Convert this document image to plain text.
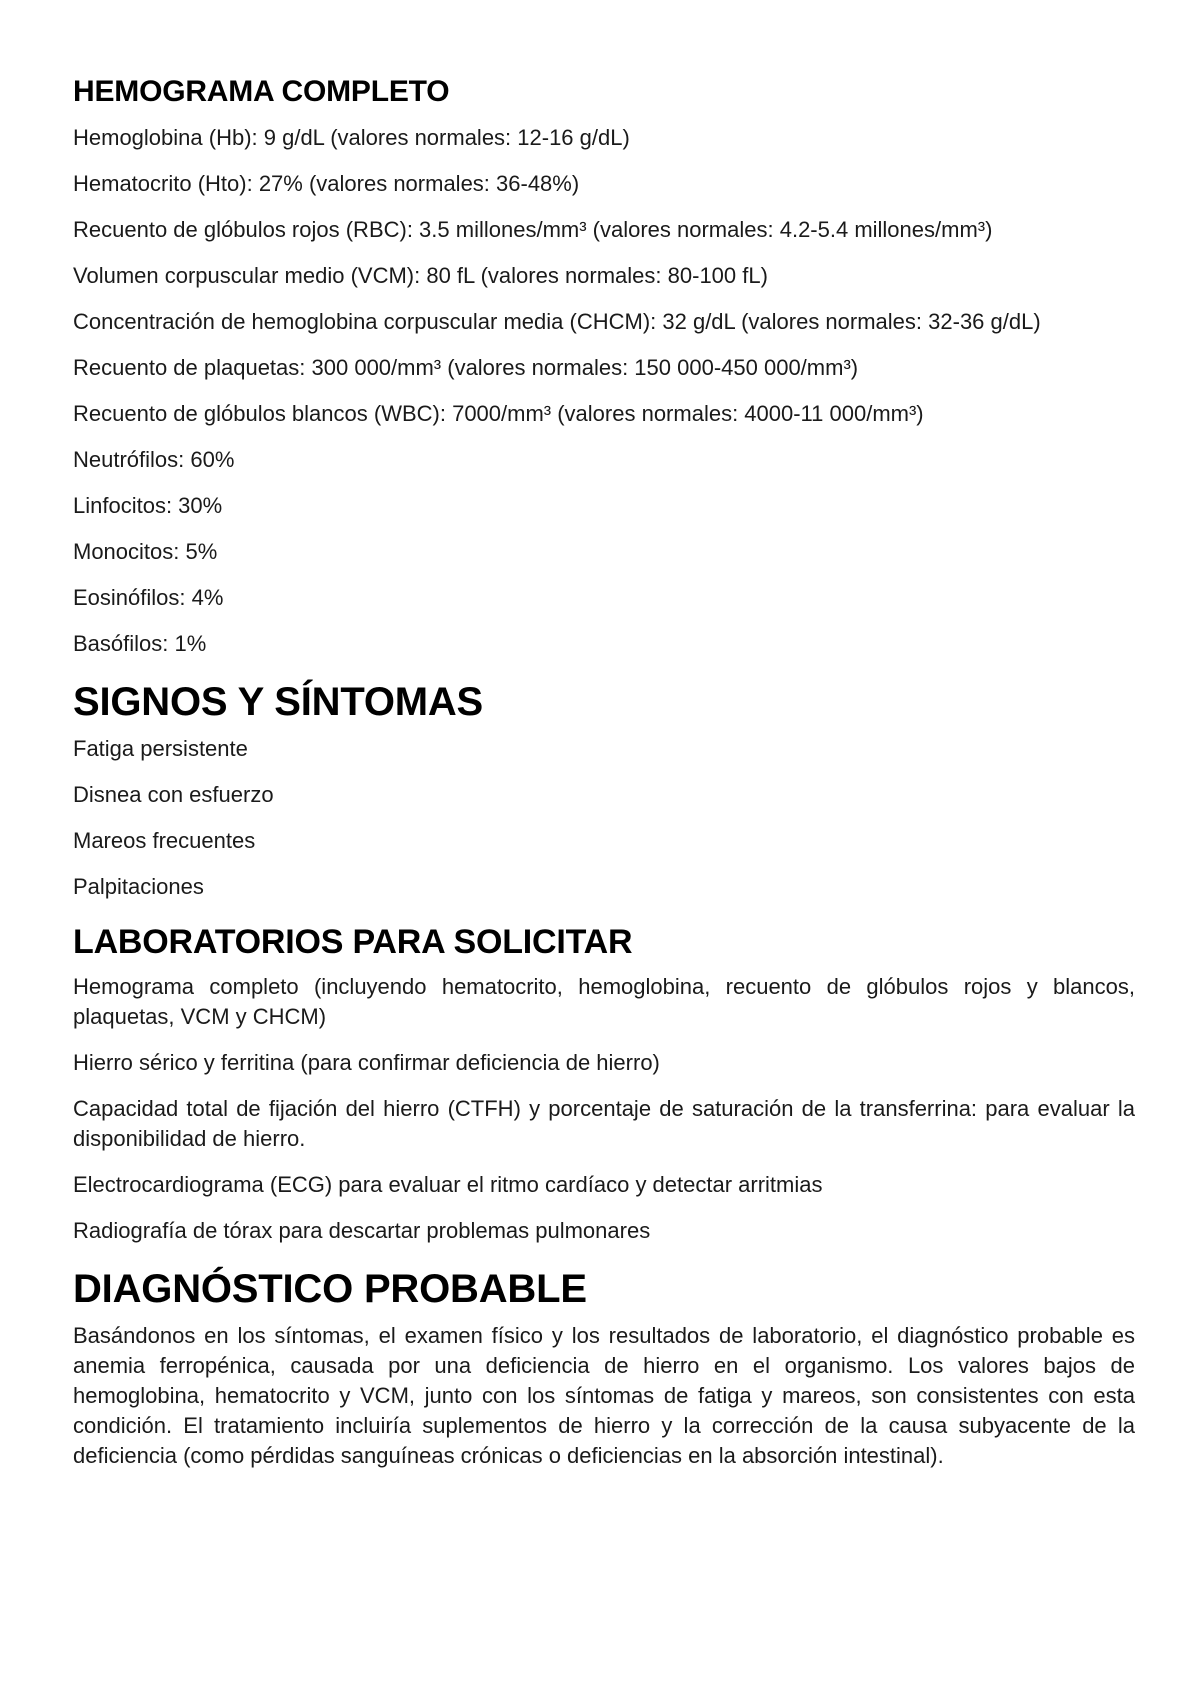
HEMOGRAMA COMPLETO

Hemoglobina (Hb): 9 g/dL (valores normales: 12-16 g/dL)

Hematocrito (Hto): 27% (valores normales: 36-48%)

Recuento de glóbulos rojos (RBC): 3.5 millones/mm³ (valores normales: 4.2-5.4 millones/mm³)

Volumen corpuscular medio (VCM): 80 fL (valores normales: 80-100 fL)

Concentración de hemoglobina corpuscular media (CHCM): 32 g/dL (valores normales: 32-36 g/dL)

Recuento de plaquetas: 300 000/mm³ (valores normales: 150 000-450 000/mm³)

Recuento de glóbulos blancos (WBC): 7000/mm³ (valores normales: 4000-11 000/mm³)

Neutrófilos: 60%

Linfocitos: 30%

Monocitos: 5%

Eosinófilos: 4%

Basófilos: 1%

SIGNOS Y SÍNTOMAS

Fatiga persistente

Disnea con esfuerzo

Mareos frecuentes

Palpitaciones

LABORATORIOS PARA SOLICITAR

Hemograma completo (incluyendo hematocrito, hemoglobina, recuento de glóbulos rojos y blancos, plaquetas, VCM y CHCM)

Hierro sérico y ferritina (para confirmar deficiencia de hierro)

Capacidad total de fijación del hierro (CTFH) y porcentaje de saturación de la transferrina: para evaluar la disponibilidad de hierro.

Electrocardiograma (ECG) para evaluar el ritmo cardíaco y detectar arritmias

Radiografía de tórax para descartar problemas pulmonares

DIAGNÓSTICO PROBABLE

Basándonos en los síntomas, el examen físico y los resultados de laboratorio, el diagnóstico probable es anemia ferropénica, causada por una deficiencia de hierro en el organismo. Los valores bajos de hemoglobina, hematocrito y VCM, junto con los síntomas de fatiga y mareos, son consistentes con esta condición. El tratamiento incluiría suplementos de hierro y la corrección de la causa subyacente de la deficiencia (como pérdidas sanguíneas crónicas o deficiencias en la absorción intestinal).
